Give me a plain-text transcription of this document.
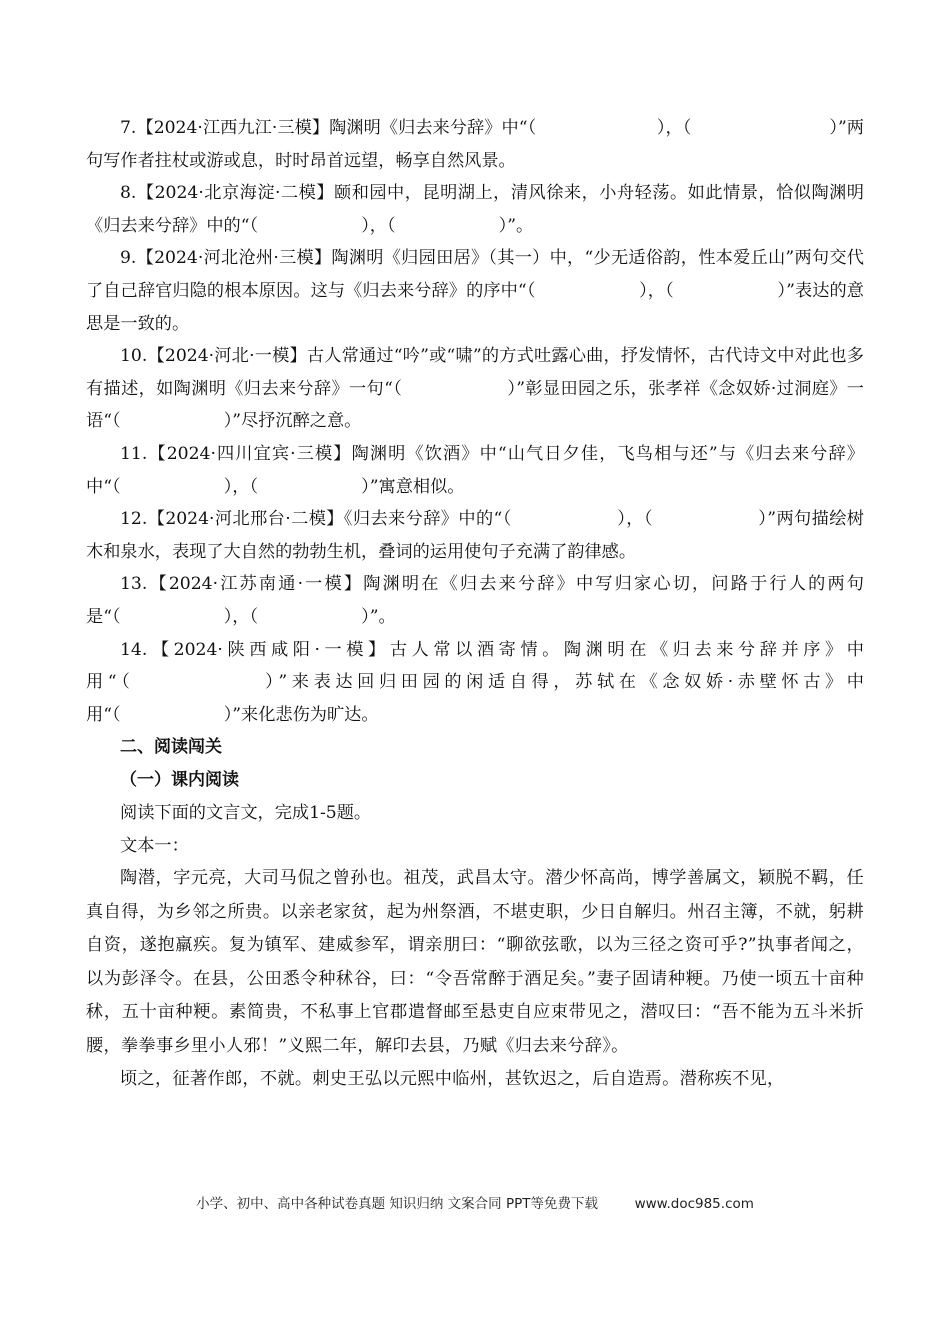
7.【2024·江西九江·三模】陶渊明《归去来兮辞》中“（　　　　　　　），（　　　　　　　　）”两句写作者拄杖或游或息，时时昂首远望，畅享自然风景。

8.【2024·北京海淀·二模】颐和园中，昆明湖上，清风徐来，小舟轻荡。如此情景，恰似陶渊明《归去来兮辞》中的“（　　　　　　），（　　　　　　）”。

9.【2024·河北沧州·三模】陶渊明《归园田居》（其一）中，“少无适俗韵，性本爱丘山”两句交代了自己辞官归隐的根本原因。这与《归去来兮辞》的序中“（　　　　　　），（　　　　　　）”表达的意思是一致的。

10.【2024·河北·一模】古人常通过“吟”或“啸”的方式吐露心曲，抒发情怀，古代诗文中对此也多有描述，如陶渊明《归去来兮辞》一句“（　　　　　　）”彰显田园之乐，张孝祥《念奴娇·过洞庭》一语“（　　　　　　）”尽抒沉醉之意。

11.【2024·四川宜宾·三模】陶渊明《饮酒》中“山气日夕佳，飞鸟相与还”与《归去来兮辞》中“（　　　　　　），（　　　　　　）”寓意相似。

12.【2024·河北邢台·二模】《归去来兮辞》中的“（　　　　　　），（　　　　　　）”两句描绘树木和泉水，表现了大自然的勃勃生机，叠词的运用使句子充满了韵律感。

13.【2024·江苏南通·一模】陶渊明在《归去来兮辞》中写归家心切，问路于行人的两句是“（　　　　　　），（　　　　　　）”。

14.【2024·陕西咸阳·一模】古人常以酒寄情。陶渊明在《归去来兮辞并序》中用“（　　　　　　）”来表达回归田园的闲适自得，苏轼在《念奴娇·赤壁怀古》中用“（　　　　　　）”来化悲伤为旷达。

二、阅读闯关

（一）课内阅读

阅读下面的文言文，完成1-5题。

文本一：

陶潜，字元亮，大司马侃之曾孙也。祖茂，武昌太守。潜少怀高尚，博学善属文，颖脱不羁，任真自得，为乡邻之所贵。以亲老家贫，起为州祭酒，不堪吏职，少日自解归。州召主簿，不就，躬耕自资，遂抱羸疾。复为镇军、建威参军，谓亲朋曰：“聊欲弦歌，以为三径之资可乎?”执事者闻之，以为彭泽令。在县，公田悉令种秫谷，曰：“令吾常醉于酒足矣。”妻子固请种粳。乃使一顷五十亩种秫，五十亩种粳。素简贵，不私事上官郡遣督邮至悬吏自应束带见之，潜叹曰：“吾不能为五斗米折腰，拳拳事乡里小人邪！”义熙二年，解印去县，乃赋《归去来兮辞》。

顷之，征著作郎，不就。刺史王弘以元熙中临州，甚钦迟之，后自造焉。潜称疾不见，

小学、初中、高中各种试卷真题 知识归纳 文案合同 PPT等免费下载	www.doc985.com
